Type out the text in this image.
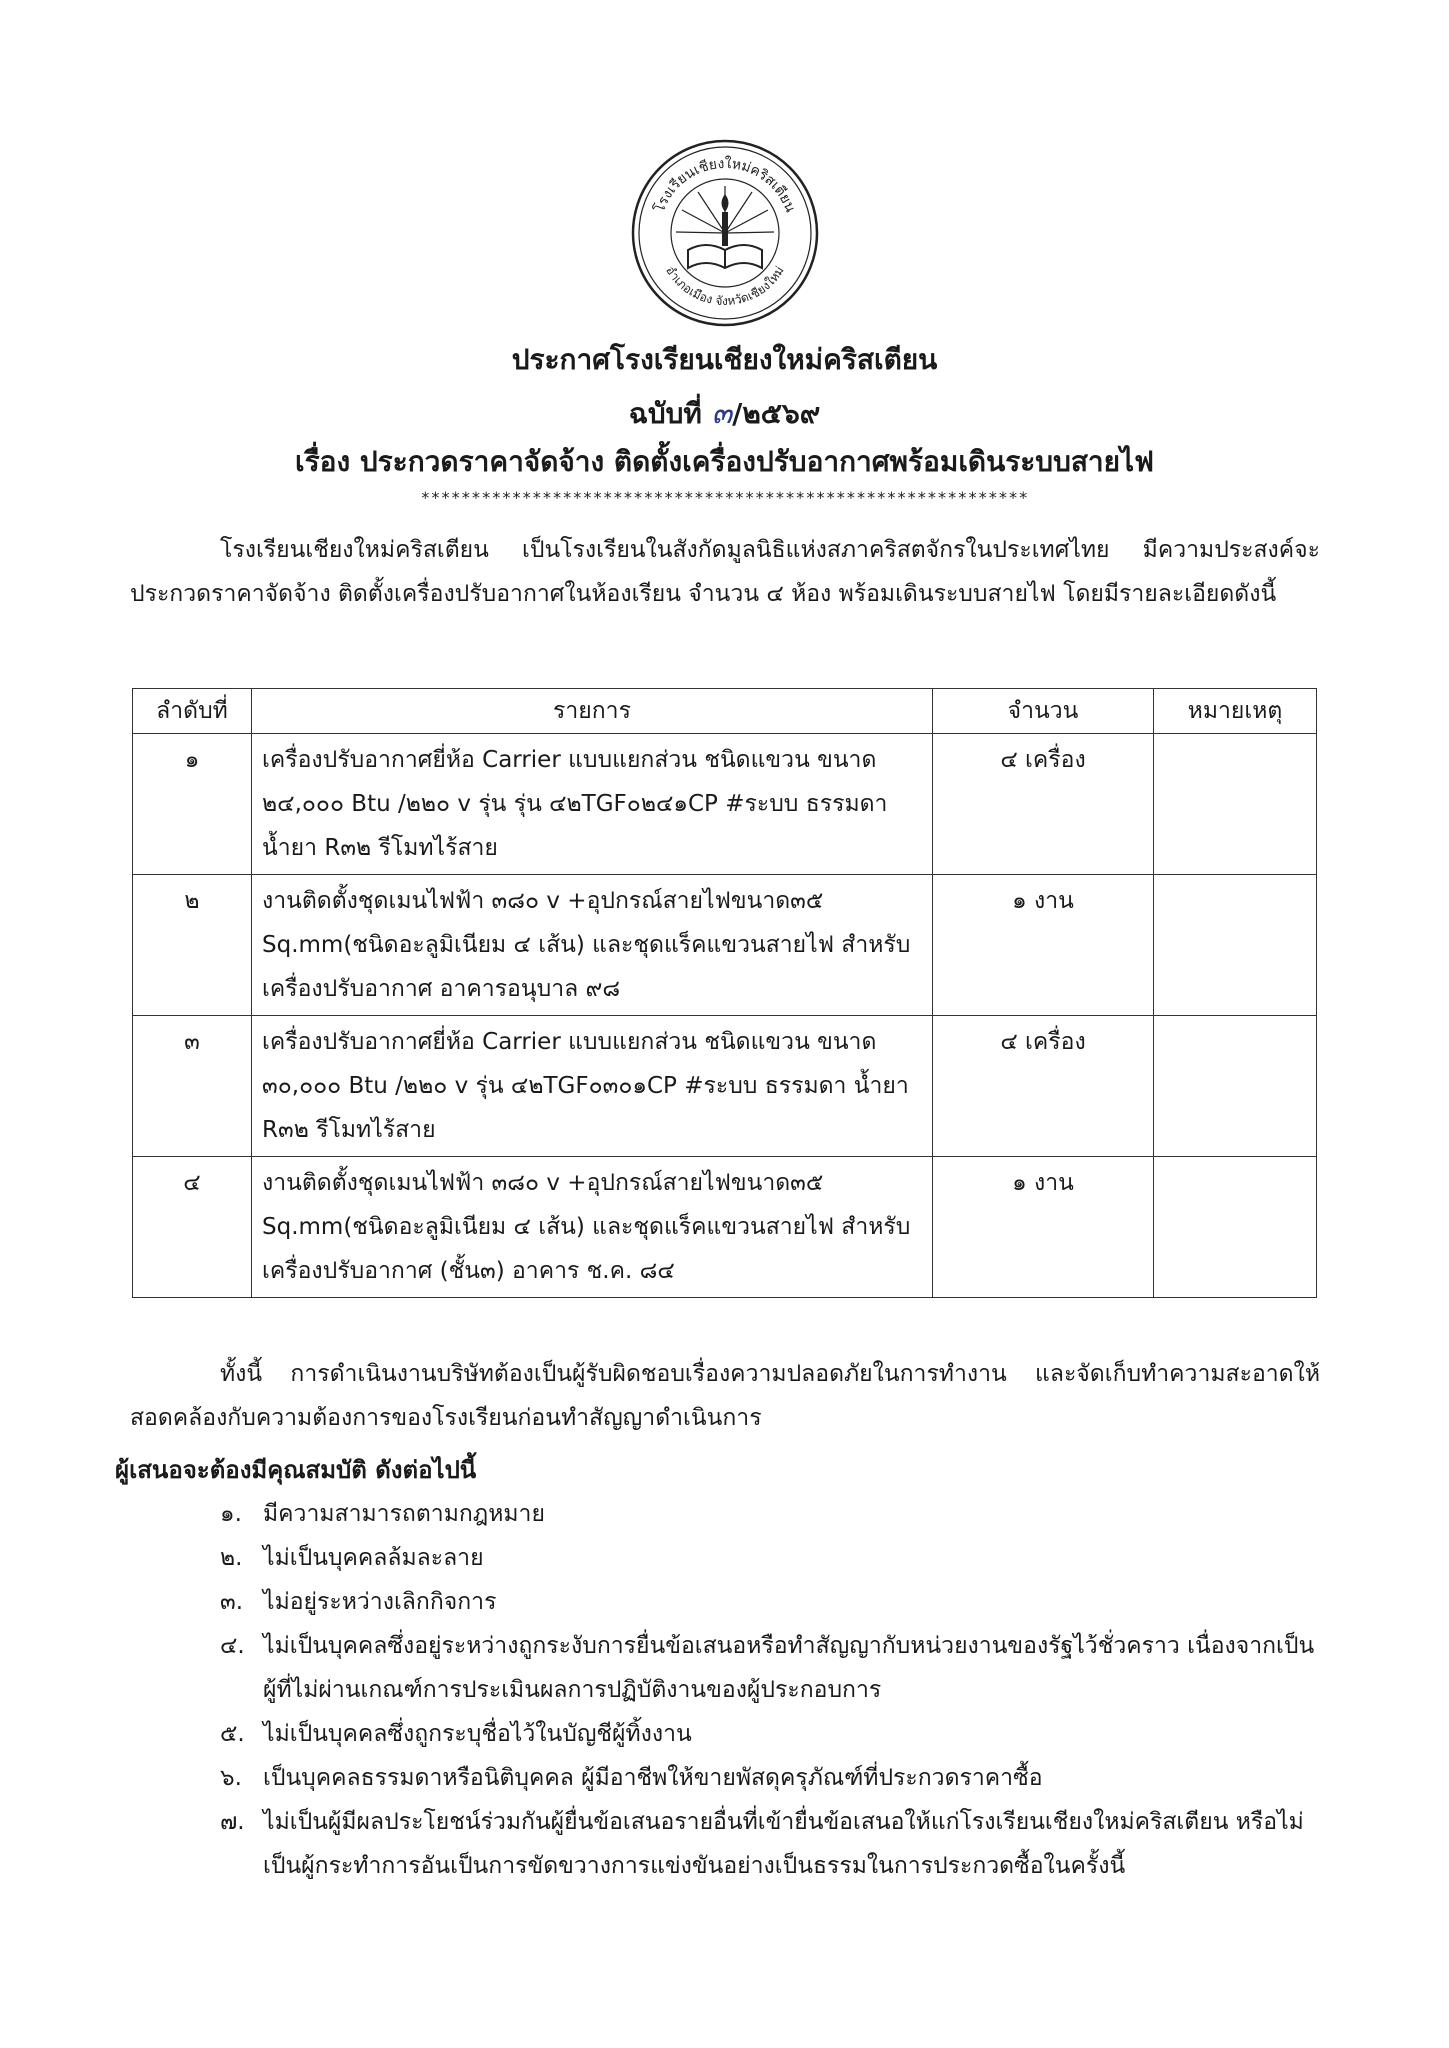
โรงเรียนเชียงใหม่คริสเตียน
อำเภอเมือง จังหวัดเชียงใหม่
ประกาศโรงเรียนเชียงใหม่คริสเตียน
ฉบับที่ ๓/๒๕๖๙
เรื่อง ประกวดราคาจัดจ้าง ติดตั้งเครื่องปรับอากาศพร้อมเดินระบบสายไฟ
************************************************************
โรงเรียนเชียงใหม่คริสเตียน เป็นโรงเรียนในสังกัดมูลนิธิแห่งสภาคริสตจักรในประเทศไทย มีความประสงค์จะประกวดราคาจัดจ้าง ติดตั้งเครื่องปรับอากาศในห้องเรียน จำนวน ๔ ห้อง พร้อมเดินระบบสายไฟ โดยมีรายละเอียดดังนี้
ลำดับที่	รายการ	จำนวน	หมายเหตุ
๑	เครื่องปรับอากาศยี่ห้อ Carrier แบบแยกส่วน ชนิดแขวน ขนาด ๒๔,๐๐๐ Btu /๒๒๐ v รุ่น รุ่น ๔๒TGF๐๒๔๑CP #ระบบ ธรรมดา น้ำยา R๓๒ รีโมทไร้สาย	๔ เครื่อง	
๒	งานติดตั้งชุดเมนไฟฟ้า ๓๘๐ v +อุปกรณ์สายไฟขนาด๓๕ Sq.mm(ชนิดอะลูมิเนียม ๔ เส้น) และชุดแร็คแขวนสายไฟ สำหรับเครื่องปรับอากาศ อาคารอนุบาล ๙๘	๑ งาน	
๓	เครื่องปรับอากาศยี่ห้อ Carrier แบบแยกส่วน ชนิดแขวน ขนาด ๓๐,๐๐๐ Btu /๒๒๐ v รุ่น ๔๒TGF๐๓๐๑CP #ระบบ ธรรมดา น้ำยา R๓๒ รีโมทไร้สาย	๔ เครื่อง	
๔	งานติดตั้งชุดเมนไฟฟ้า ๓๘๐ v +อุปกรณ์สายไฟขนาด๓๕ Sq.mm(ชนิดอะลูมิเนียม ๔ เส้น) และชุดแร็คแขวนสายไฟ สำหรับเครื่องปรับอากาศ (ชั้น๓) อาคาร ช.ค. ๘๔	๑ งาน	
ทั้งนี้ การดำเนินงานบริษัทต้องเป็นผู้รับผิดชอบเรื่องความปลอดภัยในการทำงาน และจัดเก็บทำความสะอาดให้สอดคล้องกับความต้องการของโรงเรียนก่อนทำสัญญาดำเนินการ
ผู้เสนอจะต้องมีคุณสมบัติ ดังต่อไปนี้
๑. มีความสามารถตามกฎหมาย
๒. ไม่เป็นบุคคลล้มละลาย
๓. ไม่อยู่ระหว่างเลิกกิจการ
๔. ไม่เป็นบุคคลซึ่งอยู่ระหว่างถูกระงับการยื่นข้อเสนอหรือทำสัญญากับหน่วยงานของรัฐไว้ชั่วคราว เนื่องจากเป็นผู้ที่ไม่ผ่านเกณฑ์การประเมินผลการปฏิบัติงานของผู้ประกอบการ
๕. ไม่เป็นบุคคลซึ่งถูกระบุชื่อไว้ในบัญชีผู้ทิ้งงาน
๖. เป็นบุคคลธรรมดาหรือนิติบุคคล ผู้มีอาชีพให้ขายพัสดุครุภัณฑ์ที่ประกวดราคาซื้อ
๗. ไม่เป็นผู้มีผลประโยชน์ร่วมกันผู้ยื่นข้อเสนอรายอื่นที่เข้ายื่นข้อเสนอให้แก่โรงเรียนเชียงใหม่คริสเตียน หรือไม่เป็นผู้กระทำการอันเป็นการขัดขวางการแข่งขันอย่างเป็นธรรมในการประกวดซื้อในครั้งนี้
